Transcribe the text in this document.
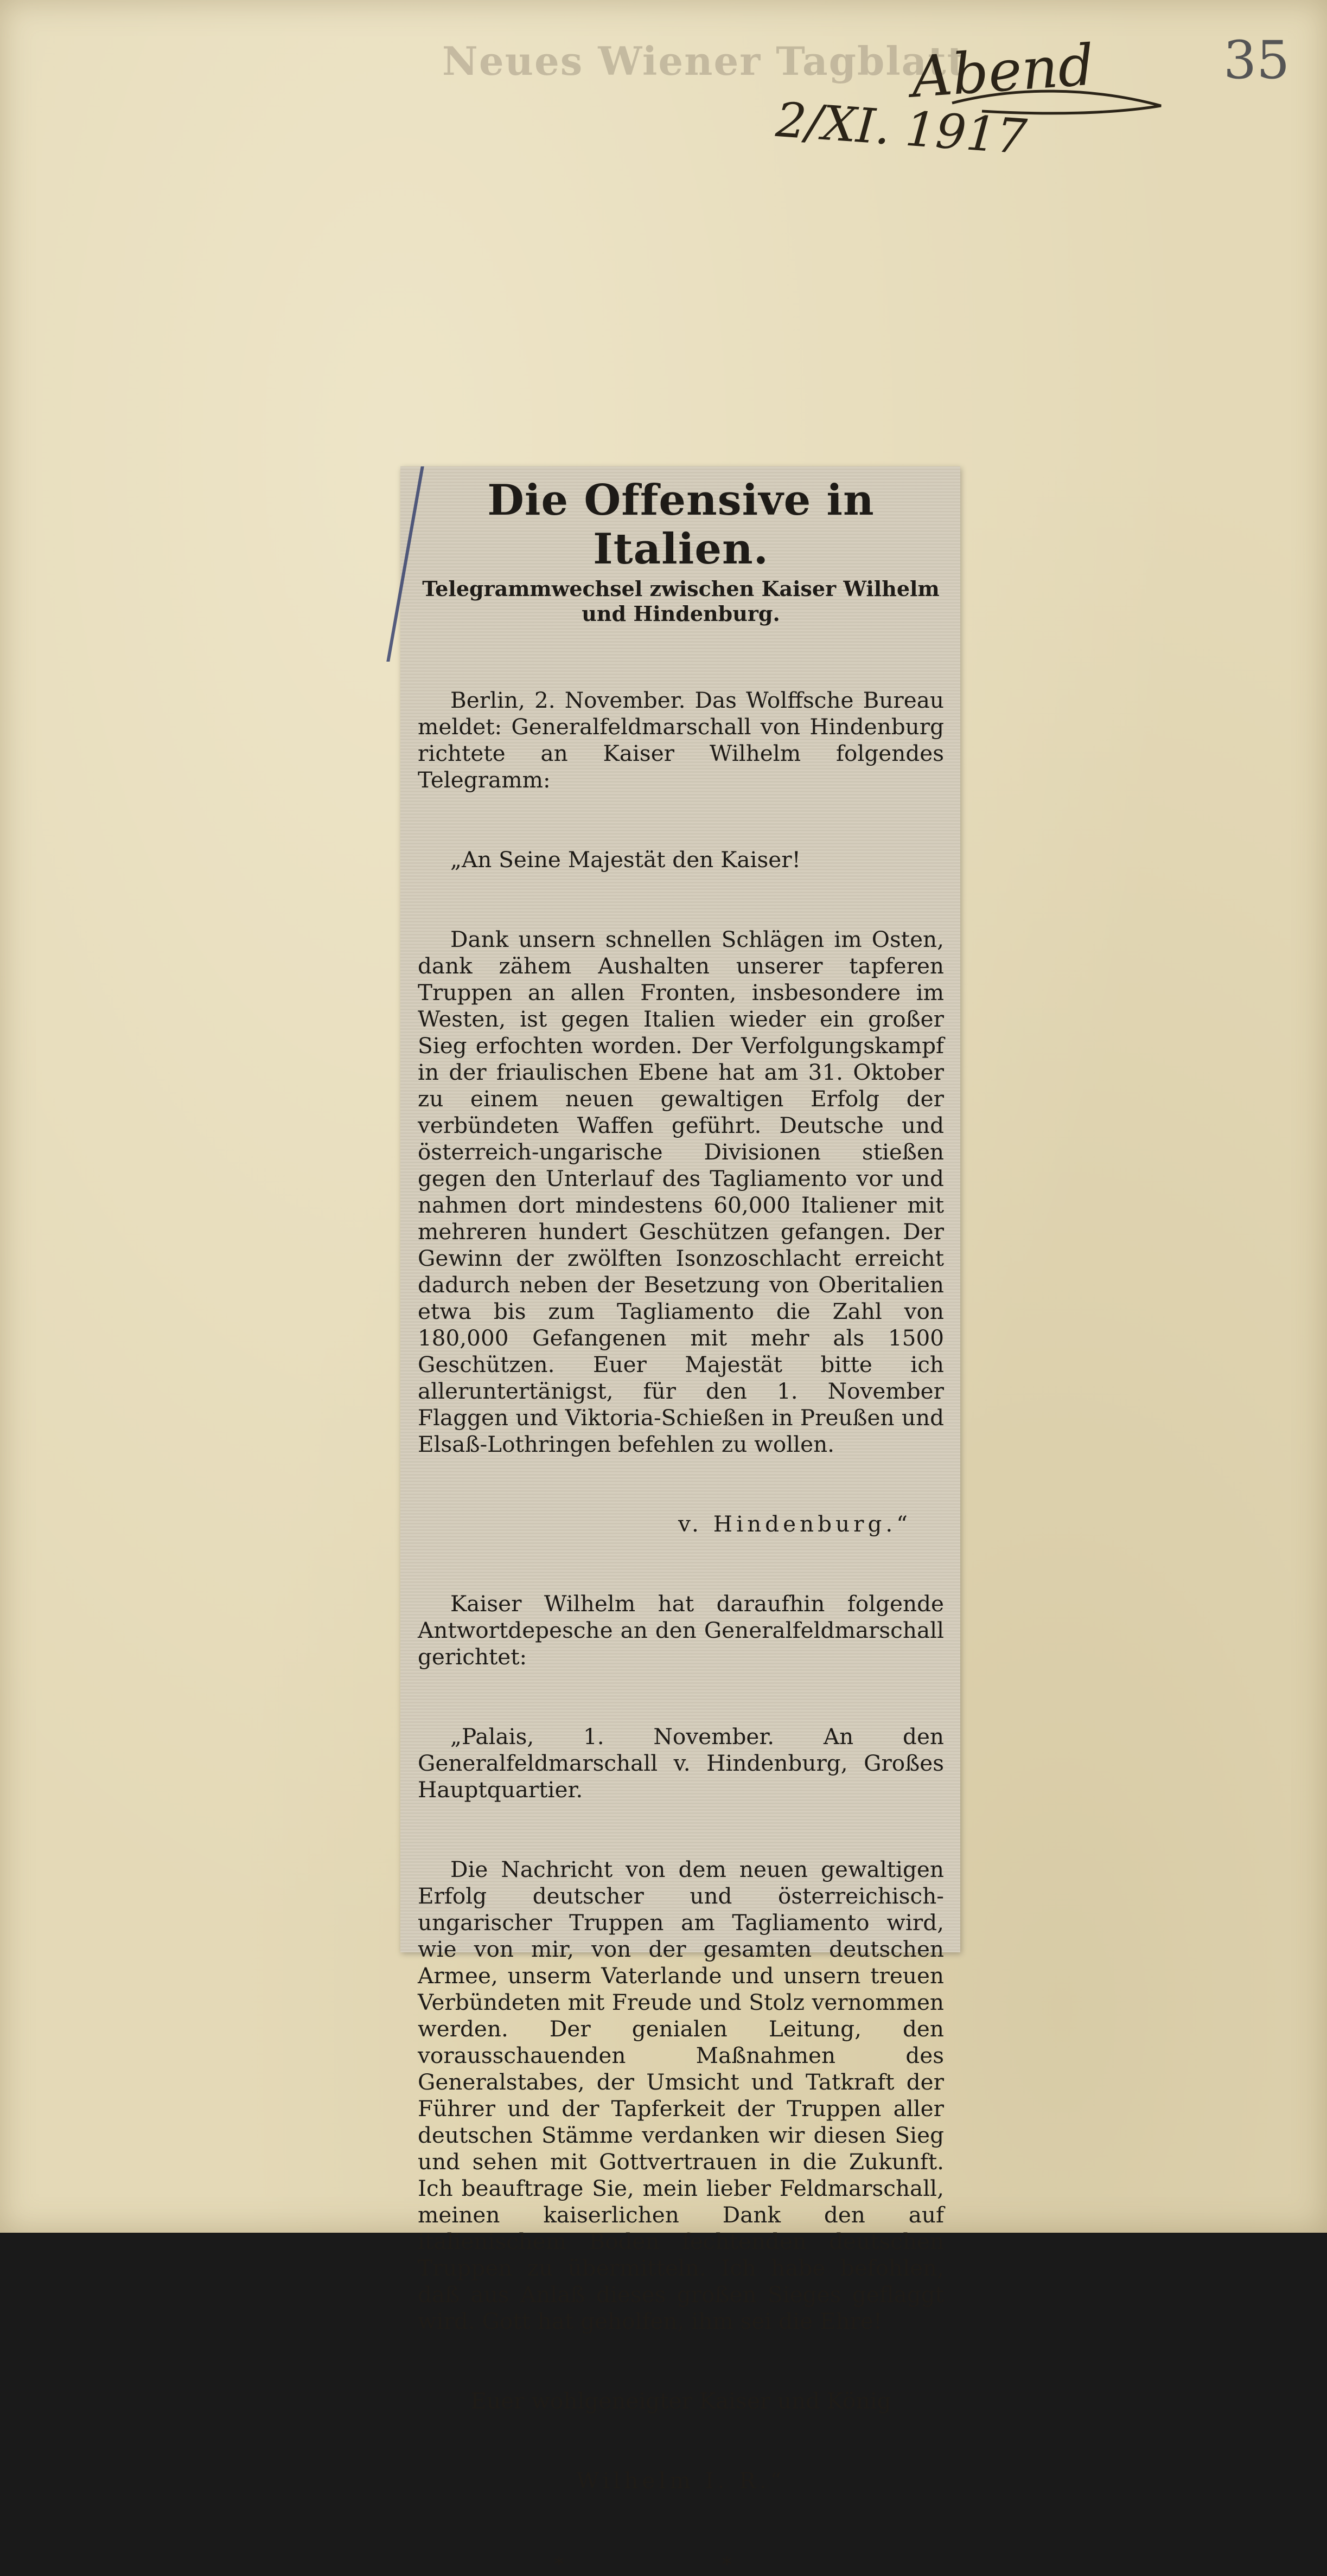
Neues Wiener Tagblatt
Abend
2/XI. 1917
35
Die Offensive in Italien.
Telegrammwechsel zwischen Kaiser Wilhelm und Hindenburg.

Berlin, 2. November. Das Wolffsche Bureau meldet: Generalfeldmarschall von Hindenburg richtete an Kaiser Wilhelm folgendes Telegramm:

„An Seine Majestät den Kaiser!

Dank unsern schnellen Schlägen im Osten, dank zähem Aushalten unserer tapferen Truppen an allen Fronten, insbesondere im Westen, ist gegen Italien wieder ein großer Sieg erfochten worden. Der Verfolgungskampf in der friaulischen Ebene hat am 31. Oktober zu einem neuen gewaltigen Erfolg der verbündeten Waffen geführt. Deutsche und österreich-ungarische Divisionen stießen gegen den Unterlauf des Tagliamento vor und nahmen dort mindestens 60,000 Italiener mit mehreren hundert Geschützen gefangen. Der Gewinn der zwölften Isonzoschlacht erreicht dadurch neben der Besetzung von Oberitalien etwa bis zum Tagliamento die Zahl von 180,000 Gefangenen mit mehr als 1500 Geschützen. Euer Majestät bitte ich alleruntertänigst, für den 1. November Flaggen und Viktoria-Schießen in Preußen und Elsaß-Lothringen befehlen zu wollen.

v. Hindenburg.“

Kaiser Wilhelm hat daraufhin folgende Antwortdepesche an den Generalfeldmarschall gerichtet:

„Palais, 1. November. An den Generalfeldmarschall v. Hindenburg, Großes Hauptquartier.

Die Nachricht von dem neuen gewaltigen Erfolg deutscher und österreichisch-ungarischer Truppen am Tagliamento wird, wie von mir, von der gesamten deutschen Armee, unserm Vaterlande und unsern treuen Verbündeten mit Freude und Stolz vernommen werden. Der genialen Leitung, den vorausschauenden Maßnahmen des Generalstabes, der Umsicht und Tatkraft der Führer und der Tapferkeit der Truppen aller deutschen Stämme verdanken wir diesen Sieg und sehen mit Gottvertrauen in die Zukunft. Ich beauftrage Sie, mein lieber Feldmarschall, meinen kaiserlichen Dank den auf italienischem Boden fechtenden deutschen Truppen zu übermitteln. Ich habe befohlen, daß aus Anlaß dieses großen Sieges geflaggt wird. Gott hat geholfen, ihm sei die Ehre!

Euer wohlgeneigter Kaiser und König

Wilhelm I. R.“

* *
